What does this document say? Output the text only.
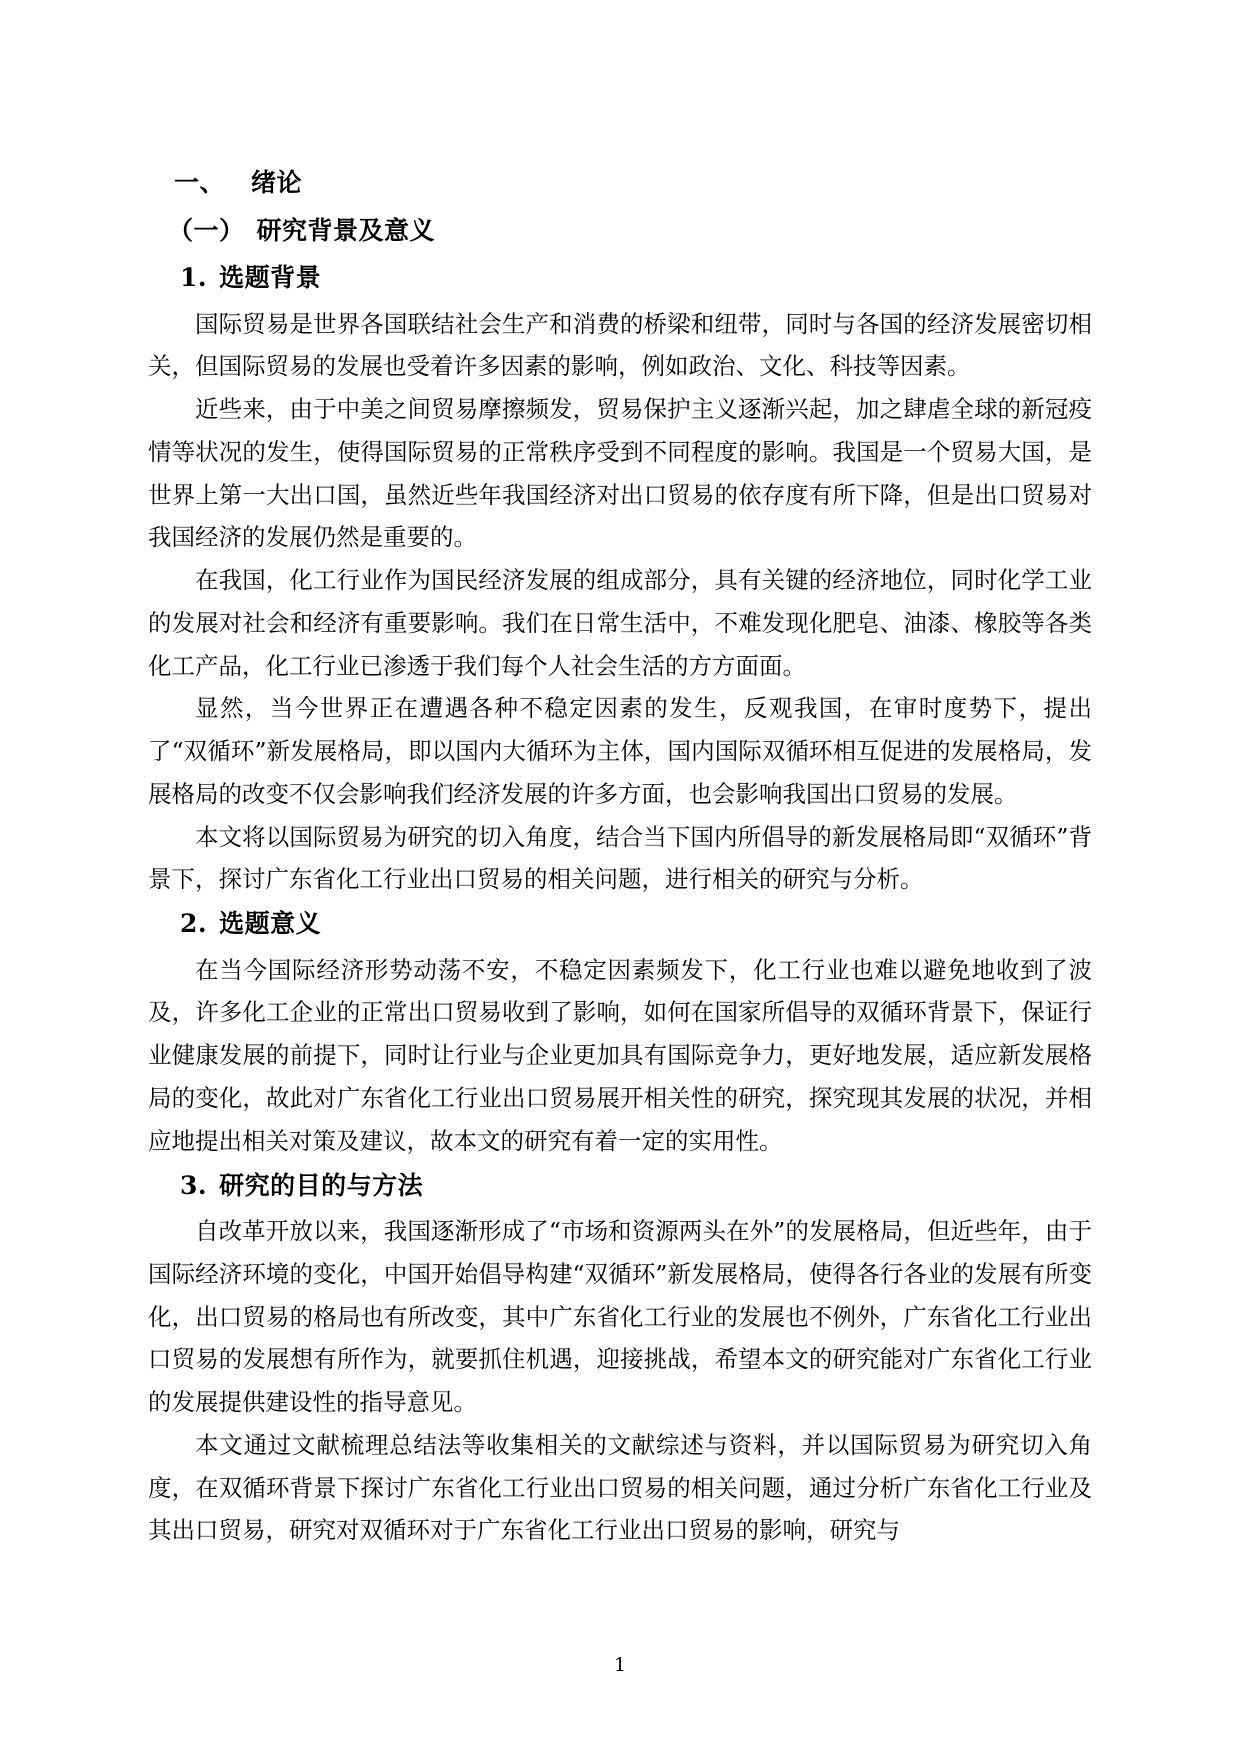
一、 绪论
（一） 研究背景及意义
1. 选题背景

国际贸易是世界各国联结社会生产和消费的桥梁和纽带，同时与各国的经济发展密切相关，但国际贸易的发展也受着许多因素的影响，例如政治、文化、科技等因素。

近些来，由于中美之间贸易摩擦频发，贸易保护主义逐渐兴起，加之肆虐全球的新冠疫情等状况的发生，使得国际贸易的正常秩序受到不同程度的影响。我国是一个贸易大国，是世界上第一大出口国，虽然近些年我国经济对出口贸易的依存度有所下降，但是出口贸易对我国经济的发展仍然是重要的。

在我国，化工行业作为国民经济发展的组成部分，具有关键的经济地位，同时化学工业的发展对社会和经济有重要影响。我们在日常生活中，不难发现化肥皂、油漆、橡胶等各类化工产品，化工行业已渗透于我们每个人社会生活的方方面面。

显然，当今世界正在遭遇各种不稳定因素的发生，反观我国，在审时度势下，提出了“双循环”新发展格局，即以国内大循环为主体，国内国际双循环相互促进的发展格局，发展格局的改变不仅会影响我们经济发展的许多方面，也会影响我国出口贸易的发展。

本文将以国际贸易为研究的切入角度，结合当下国内所倡导的新发展格局即“双循环”背景下，探讨广东省化工行业出口贸易的相关问题，进行相关的研究与分析。

2. 选题意义

在当今国际经济形势动荡不安，不稳定因素频发下，化工行业也难以避免地收到了波及，许多化工企业的正常出口贸易收到了影响，如何在国家所倡导的双循环背景下，保证行业健康发展的前提下，同时让行业与企业更加具有国际竞争力，更好地发展，适应新发展格局的变化，故此对广东省化工行业出口贸易展开相关性的研究，探究现其发展的状况，并相应地提出相关对策及建议，故本文的研究有着一定的实用性。

3. 研究的目的与方法

自改革开放以来，我国逐渐形成了“市场和资源两头在外”的发展格局，但近些年，由于国际经济环境的变化，中国开始倡导构建“双循环”新发展格局，使得各行各业的发展有所变化，出口贸易的格局也有所改变，其中广东省化工行业的发展也不例外，广东省化工行业出口贸易的发展想有所作为，就要抓住机遇，迎接挑战，希望本文的研究能对广东省化工行业的发展提供建设性的指导意见。

本文通过文献梳理总结法等收集相关的文献综述与资料，并以国际贸易为研究切入角度，在双循环背景下探讨广东省化工行业出口贸易的相关问题，通过分析广东省化工行业及其出口贸易，研究对双循环对于广东省化工行业出口贸易的影响，研究与

1
